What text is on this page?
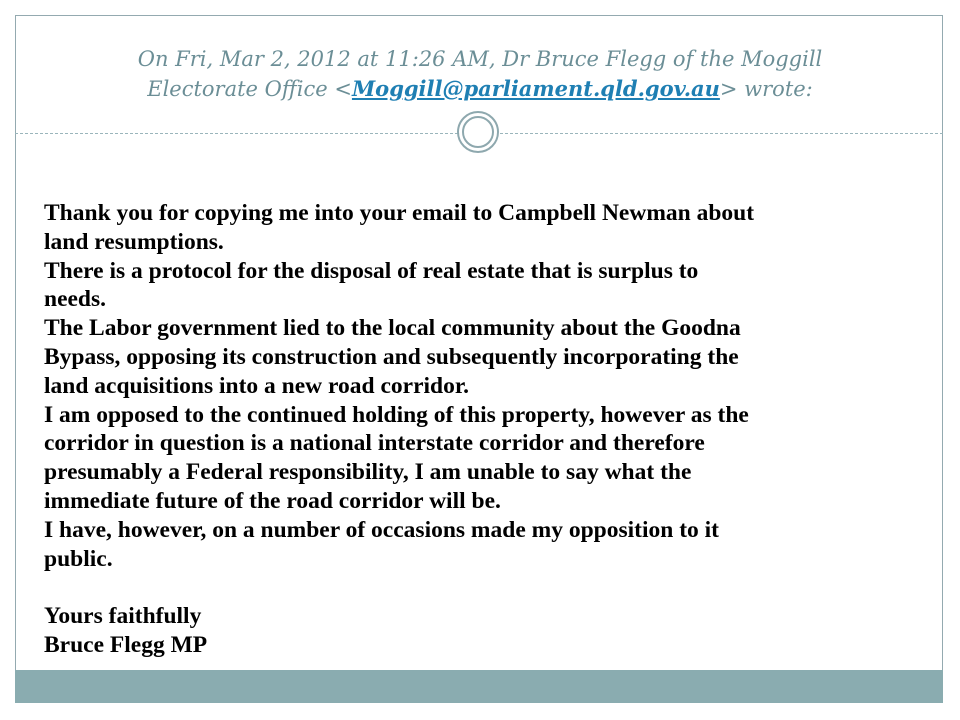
On Fri, Mar 2, 2012 at 11:26 AM, Dr Bruce Flegg of the Moggill
Electorate Office <Moggill@parliament.qld.gov.au> wrote:
Thank you for copying me into your email to Campbell Newman about
land resumptions.
There is a protocol for the disposal of real estate that is surplus to
needs.
The Labor government lied to the local community about the Goodna
Bypass, opposing its construction and subsequently incorporating the
land acquisitions into a new road corridor.
I am opposed to the continued holding of this property, however as the
corridor in question is a national interstate corridor and therefore
presumably a Federal responsibility, I am unable to say what the
immediate future of the road corridor will be.
I have, however, on a number of occasions made my opposition to it
public.
Yours faithfully
Bruce Flegg MP
